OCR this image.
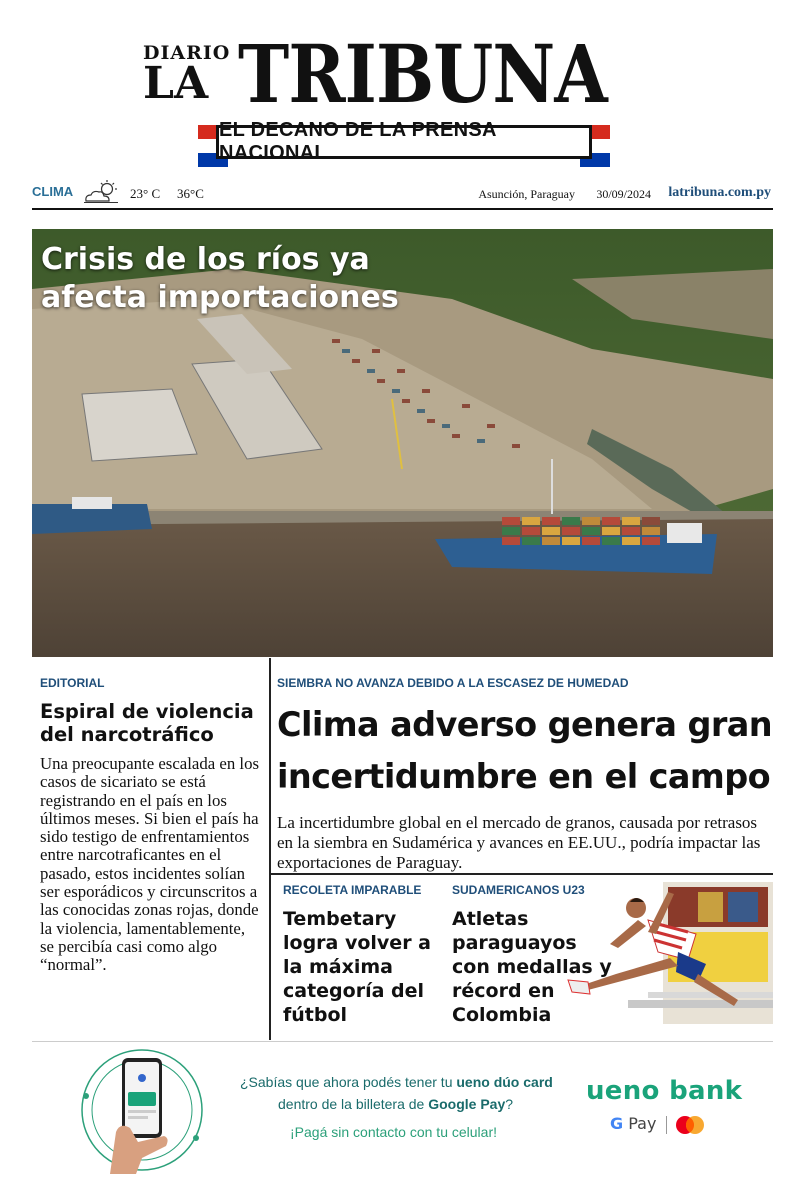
DIARIO
LA TRIBUNA
EL DECANO DE LA PRENSA NACIONAL
CLIMA	23° C 36°C	Asunción, Paraguay 30/09/2024 latribuna.com.py
Crisis de los ríos ya
afecta importaciones
EDITORIAL
Espiral de violencia del narcotráfico
Una preocupante escalada en los casos de sicariato se está registrando en el país en los últimos meses. Si bien el país ha sido testigo de enfrentamientos entre narcotraficantes en el pasado, estos incidentes solían ser esporádicos y circunscritos a las conocidas zonas rojas, donde la violencia, lamentablemente, se percibía casi como algo “normal”.
SIEMBRA NO AVANZA DEBIDO A LA ESCASEZ DE HUMEDAD
Clima adverso genera gran
incertidumbre en el campo
La incertidumbre global en el mercado de granos, causada por retrasos en la siembra en Sudamérica y avances en EE.UU., podría impactar las exportaciones de Paraguay.
RECOLETA IMPARABLE
Tembetary logra volver a la máxima categoría del fútbol
SUDAMERICANOS U23
Atletas paraguayos con medallas y récord en Colombia
¿Sabías que ahora podés tener tu ueno dúo card
dentro de la billetera de Google Pay?
¡Pagá sin contacto con tu celular!
ueno bank
G Pay
